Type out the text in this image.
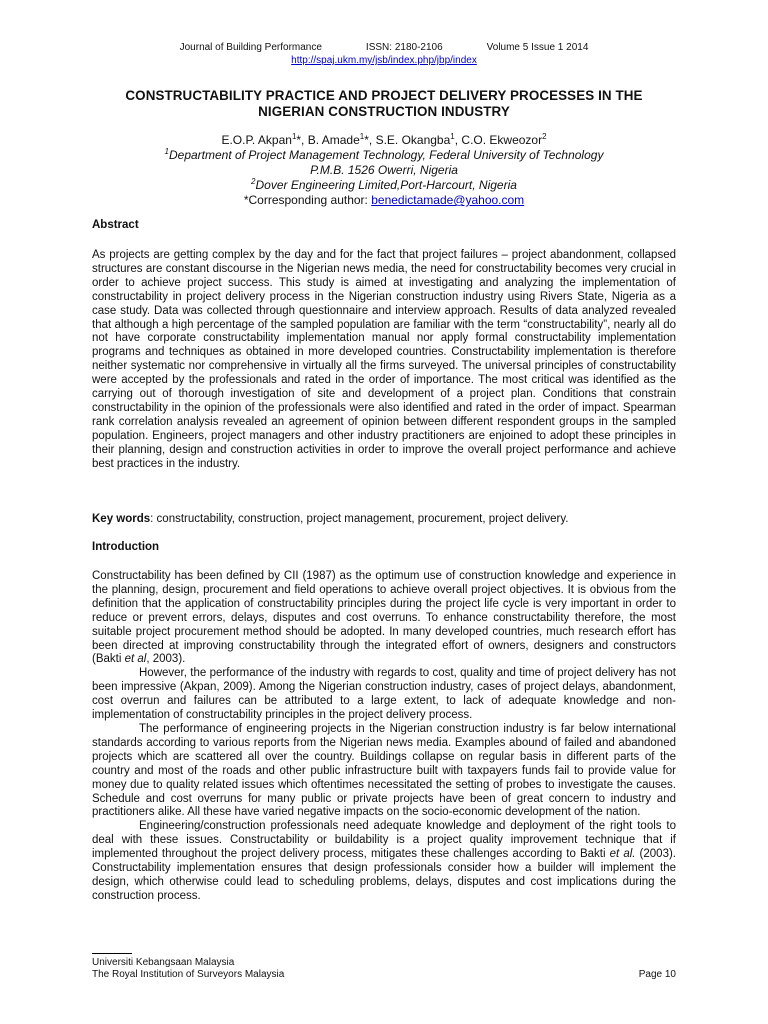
Journal of Building Performance	ISSN: 2180-2106	Volume 5 Issue 1 2014
http://spaj.ukm.my/jsb/index.php/jbp/index
CONSTRUCTABILITY PRACTICE AND PROJECT DELIVERY PROCESSES IN THE NIGERIAN CONSTRUCTION INDUSTRY
E.O.P. Akpan$^1$*, B. Amade$^1$*, S.E. Okangba$^1$, C.O. Ekweozor$^2$
$^1$Department of Project Management Technology, Federal University of Technology
P.M.B. 1526 Owerri, Nigeria
$^2$Dover Engineering Limited,Port-Harcourt, Nigeria
*Corresponding author: benedictamade@yahoo.com

Abstract

As projects are getting complex by the day and for the fact that project failures – project abandonment, collapsed structures are constant discourse in the Nigerian news media, the need for constructability becomes very crucial in order to achieve project success. This study is aimed at investigating and analyzing the implementation of constructability in project delivery process in the Nigerian construction industry using Rivers State, Nigeria as a case study. Data was collected through questionnaire and interview approach. Results of data analyzed revealed that although a high percentage of the sampled population are familiar with the term “constructability”, nearly all do not have corporate constructability implementation manual nor apply formal constructability implementation programs and techniques as obtained in more developed countries. Constructability implementation is therefore neither systematic nor comprehensive in virtually all the firms surveyed. The universal principles of constructability were accepted by the professionals and rated in the order of importance. The most critical was identified as the carrying out of thorough investigation of site and development of a project plan. Conditions that constrain constructability in the opinion of the professionals were also identified and rated in the order of impact. Spearman rank correlation analysis revealed an agreement of opinion between different respondent groups in the sampled population. Engineers, project managers and other industry practitioners are enjoined to adopt these principles in their planning, design and construction activities in order to improve the overall project performance and achieve best practices in the industry.

Key words: constructability, construction, project management, procurement, project delivery.

Introduction

Constructability has been defined by CII (1987) as the optimum use of construction knowledge and experience in the planning, design, procurement and field operations to achieve overall project objectives. It is obvious from the definition that the application of constructability principles during the project life cycle is very important in order to reduce or prevent errors, delays, disputes and cost overruns. To enhance constructability therefore, the most suitable project procurement method should be adopted. In many developed countries, much research effort has been directed at improving constructability through the integrated effort of owners, designers and constructors (Bakti et al, 2003).

However, the performance of the industry with regards to cost, quality and time of project delivery has not been impressive (Akpan, 2009). Among the Nigerian construction industry, cases of project delays, abandonment, cost overrun and failures can be attributed to a large extent, to lack of adequate knowledge and non-implementation of constructability principles in the project delivery process.

The performance of engineering projects in the Nigerian construction industry is far below international standards according to various reports from the Nigerian news media. Examples abound of failed and abandoned projects which are scattered all over the country. Buildings collapse on regular basis in different parts of the country and most of the roads and other public infrastructure built with taxpayers funds fail to provide value for money due to quality related issues which oftentimes necessitated the setting of probes to investigate the causes. Schedule and cost overruns for many public or private projects have been of great concern to industry and practitioners alike. All these have varied negative impacts on the socio-economic development of the nation.

Engineering/construction professionals need adequate knowledge and deployment of the right tools to deal with these issues. Constructability or buildability is a project quality improvement technique that if implemented throughout the project delivery process, mitigates these challenges according to Bakti et al. (2003). Constructability implementation ensures that design professionals consider how a builder will implement the design, which otherwise could lead to scheduling problems, delays, disputes and cost implications during the construction process.

Universiti Kebangsaan Malaysia
The Royal Institution of Surveyors Malaysia	Page 10
